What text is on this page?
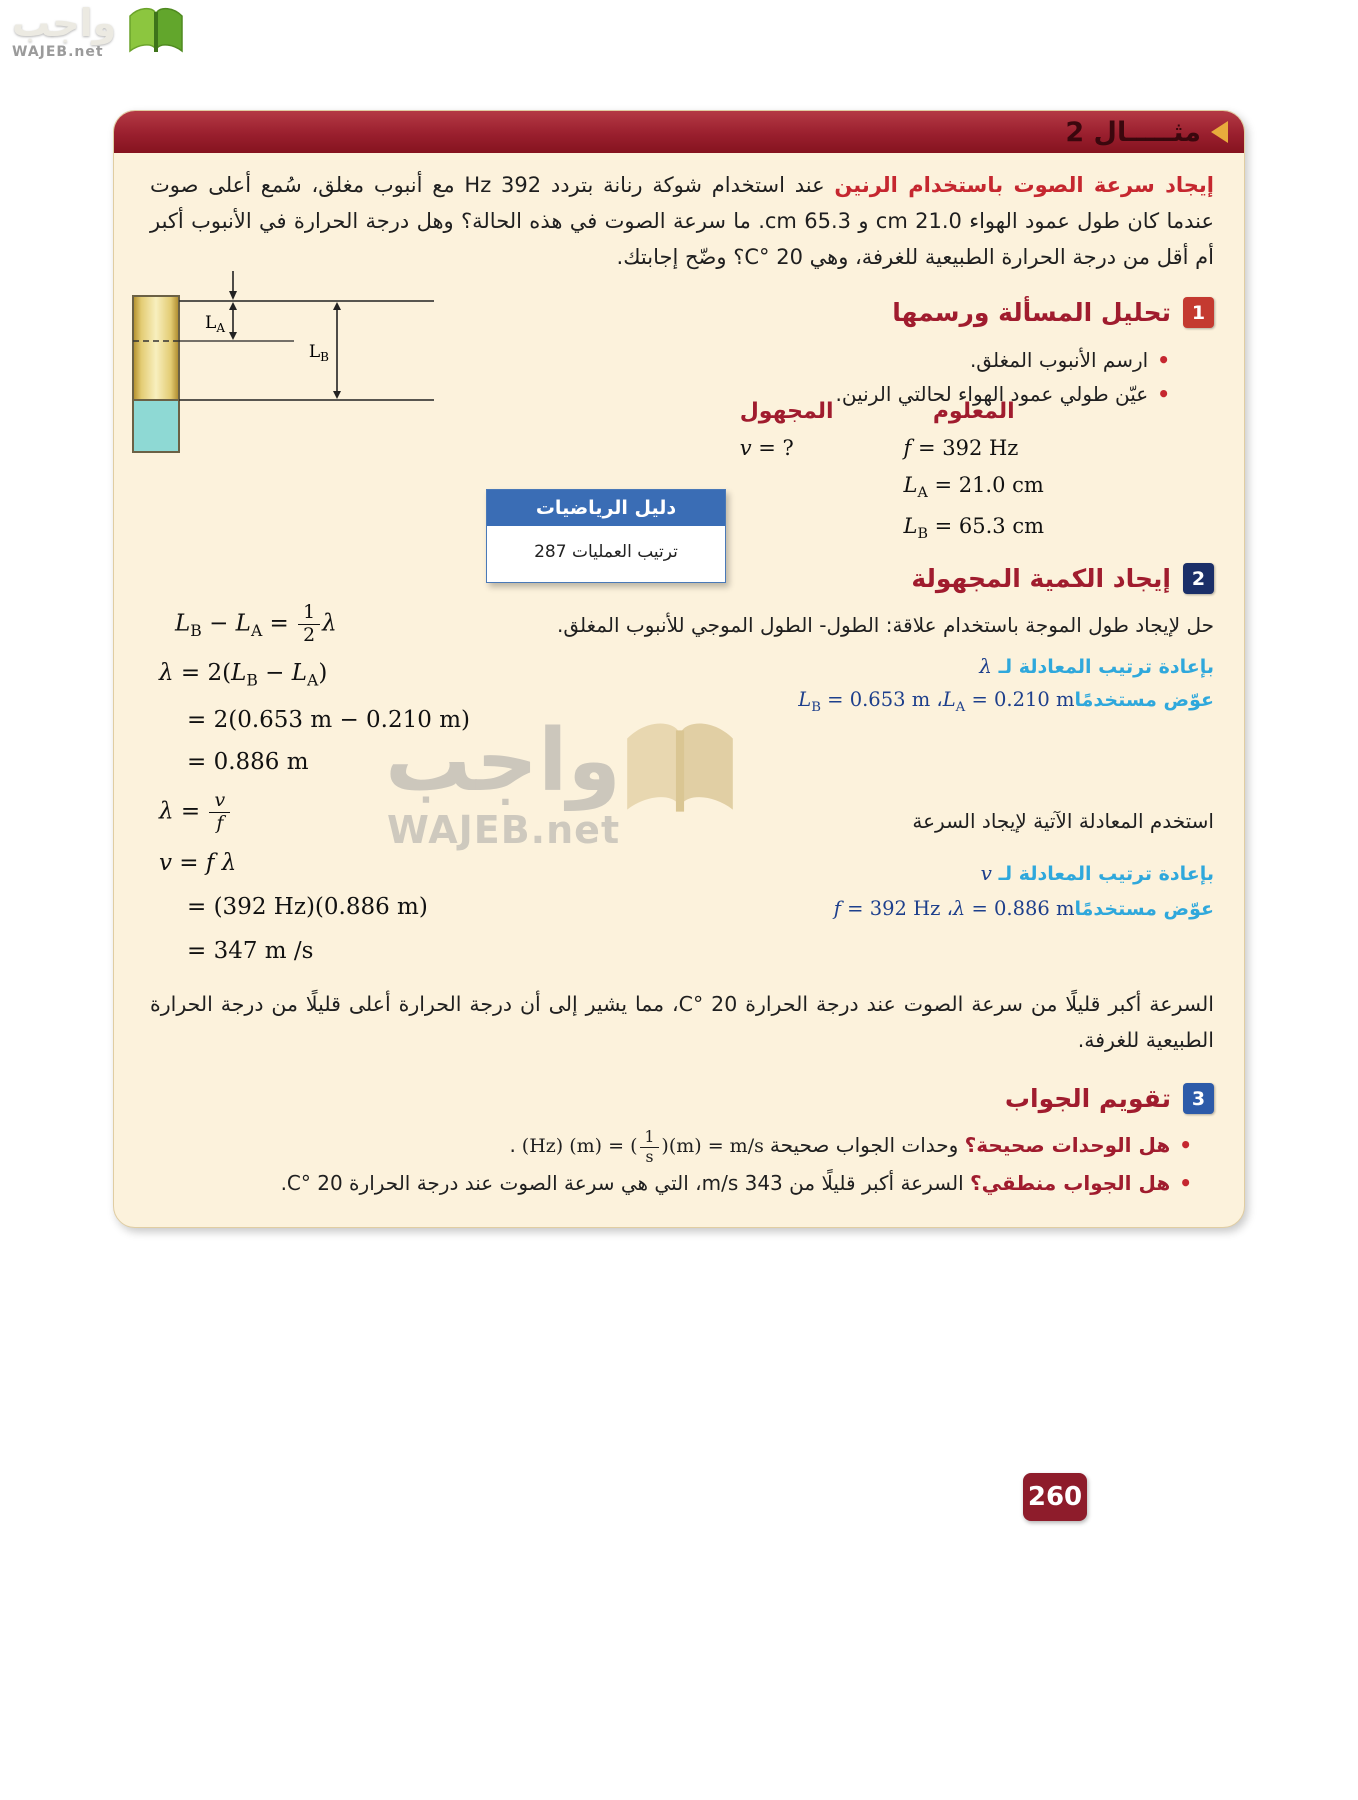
واجب
WAJEB.net
مثـــــال 2

إيجاد سرعة الصوت باستخدام الرنين عند استخدام شوكة رنانة بتردد 392 Hz مع أنبوب مغلق، سُمع أعلى صوت عندما كان طول عمود الهواء 21.0 cm و 65.3 cm. ما سرعة الصوت في هذه الحالة؟ وهل درجة الحرارة في الأنبوب أكبر أم أقل من درجة الحرارة الطبيعية للغرفة، وهي 20 °C؟ وضّح إجابتك.

$L_A$
$L_B$
1
تحليل المسألة ورسمها
•ارسم الأنبوب المغلق.
•عيّن طولي عمود الهواء لحالتي الرنين.
المعلوم
f = 392 Hz
$L_A = 21.0$ cm
$L_B = 65.3$ cm
المجهول
v = ?
دليل الرياضيات
ترتيب العمليات 287
2
إيجاد الكمية المجهولة
حل لإيجاد طول الموجة باستخدام علاقة: الطول- الطول الموجي للأنبوب المغلق.
بإعادة ترتيب المعادلة لـ λ
عوّض مستخدمًاL$_B$ = 0.653 m $،L_A = 0.210$ m
استخدم المعادلة الآتية لإيجاد السرعة
بإعادة ترتيب المعادلة لـ v
عوّض مستخدمًاf = 392 Hz ،λ = 0.886 m
$L_B - L_A = \frac{1}{2}$ λ
$\lambda = 2(L_B - L_A)$
= 2(0.653 m − 0.210 m)
= 0.886 m
$\lambda = \frac{v}{f}$
v = f λ
= (392 Hz)(0.886 m)
= 347 m /s

السرعة أكبر قليلًا من سرعة الصوت عند درجة الحرارة 20 °C، مما يشير إلى أن درجة الحرارة أعلى قليلًا من درجة الحرارة الطبيعية للغرفة.

3
تقويم الجواب
•هل الوحدات صحيحة؟ وحدات الجواب صحيحة(Hz) (m) = ( $\frac{1}{s} )(m) = m/s$.
•هل الجواب منطقي؟ السرعة أكبر قليلًا من 343 m/s، التي هي سرعة الصوت عند درجة الحرارة 20 °C.
واجب
WAJEB.net
260
